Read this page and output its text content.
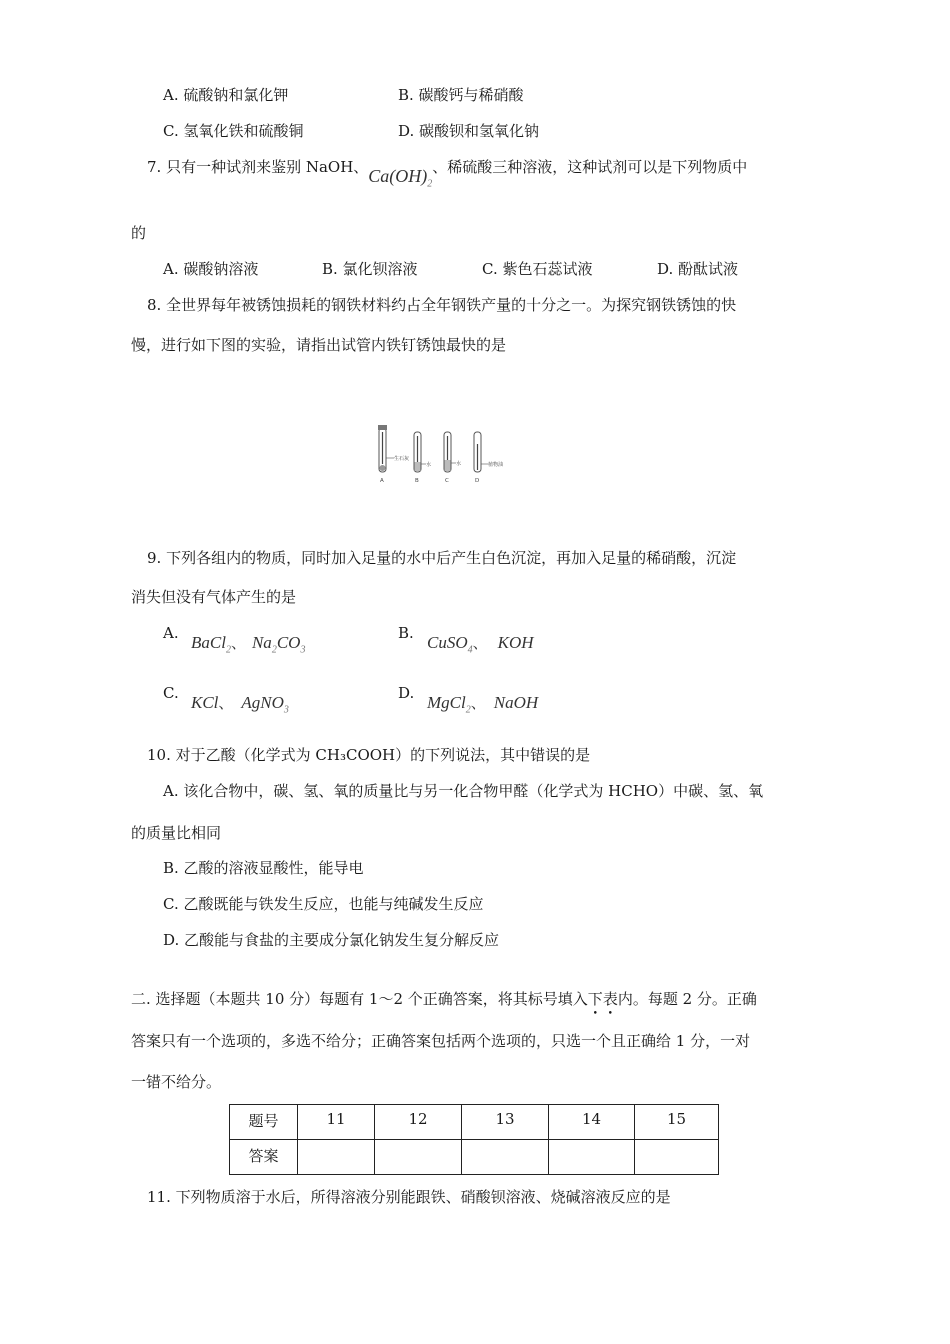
A. 硫酸钠和氯化钾	B. 碳酸钙与稀硝酸
C. 氢氧化铁和硫酸铜	D. 碳酸钡和氢氧化钠
7. 只有一种试剂来鉴别 NaOH、$Ca(OH)_2$、稀硫酸三种溶液，这种试剂可以是下列物质中
的
A. 碳酸钠溶液	B. 氯化钡溶液	C. 紫色石蕊试液	D. 酚酞试液
8. 全世界每年被锈蚀损耗的钢铁材料约占全年钢铁产量的十分之一。为探究钢铁锈蚀的快
慢，进行如下图的实验，请指出试管内铁钉锈蚀最快的是
生石灰
水	水	植物油
A	B	C	D
9. 下列各组内的物质，同时加入足量的水中后产生白色沉淀，再加入足量的稀硝酸，沉淀
消失但没有气体产生的是
A. BaCl$_2$、 $Na_2CO_3$
B. CuSO$_4$、 KOH
C. KCl、 AgNO$_3$
D. MgCl$_2$、 NaOH
10. 对于乙酸（化学式为 CH₃COOH）的下列说法，其中错误的是
A. 该化合物中，碳、氢、氧的质量比与另一化合物甲醛（化学式为 HCHO）中碳、氢、氧
的质量比相同
B. 乙酸的溶液显酸性，能导电
C. 乙酸既能与铁发生反应，也能与纯碱发生反应
D. 乙酸能与食盐的主要成分氯化钠发生复分解反应
二. 选择题（本题共 10 分）每题有 1～2 个正确答案，将其标号填入下表内。每题 2 分。正确
答案只有一个选项的，多选不给分；正确答案包括两个选项的，只选一个且正确给 1 分，一对
一错不给分。
题号	11	12	13	14	15
答案					
11. 下列物质溶于水后，所得溶液分别能跟铁、硝酸钡溶液、烧碱溶液反应的是
